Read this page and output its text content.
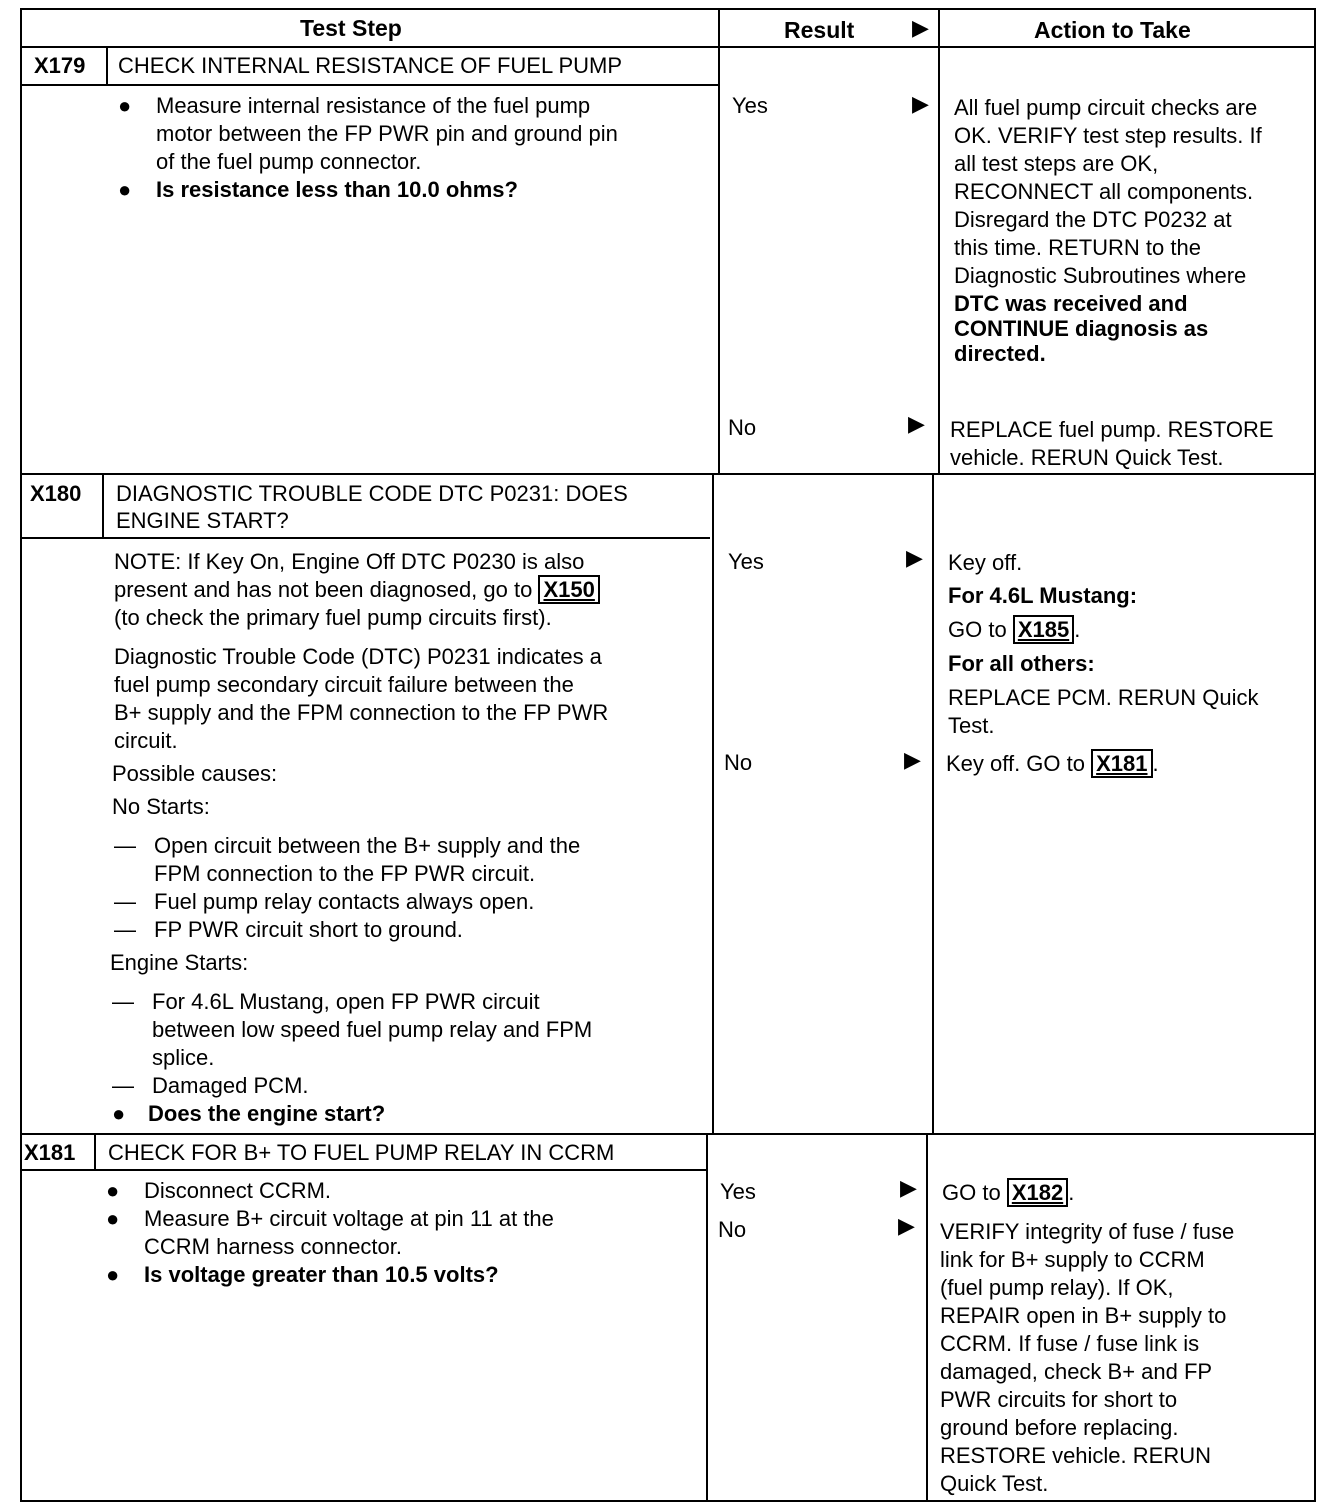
Test Step	Result	▶	Action to Take
X179 CHECK INTERNAL RESISTANCE OF FUEL PUMP
● Measure internal resistance of the fuel pump
motor between the FP PWR pin and ground pin
of the fuel pump connector.
● Is resistance less than 10.0 ohms?
Yes	▶ All fuel pump circuit checks are
OK. VERIFY test step results. If
all test steps are OK,
RECONNECT all components.
Disregard the DTC P0232 at
this time. RETURN to the
Diagnostic Subroutines where
DTC was received and
CONTINUE diagnosis as
directed.
No	▶ REPLACE fuel pump. RESTORE
vehicle. RERUN Quick Test.
X180 DIAGNOSTIC TROUBLE CODE DTC P0231: DOES
ENGINE START?
NOTE: If Key On, Engine Off DTC P0230 is also
present and has not been diagnosed, go to X150
(to check the primary fuel pump circuits first).
Diagnostic Trouble Code (DTC) P0231 indicates a
fuel pump secondary circuit failure between the
B+ supply and the FPM connection to the FP PWR
circuit.
Possible causes:
No Starts:
— Open circuit between the B+ supply and the
FPM connection to the FP PWR circuit.
— Fuel pump relay contacts always open.
— FP PWR circuit short to ground.
Engine Starts:
— For 4.6L Mustang, open FP PWR circuit
between low speed fuel pump relay and FPM
splice.
— Damaged PCM.
● Does the engine start?
Yes	▶ Key off.
For 4.6L Mustang:
GO to X185 .
For all others:
REPLACE PCM. RERUN Quick
Test.
No	▶ Key off. GO to X181 .
X181 CHECK FOR B+ TO FUEL PUMP RELAY IN CCRM
● Disconnect CCRM.
● Measure B+ circuit voltage at pin 11 at the
CCRM harness connector.
● Is voltage greater than 10.5 volts?
Yes	▶ GO to X182 .
No	▶ VERIFY integrity of fuse / fuse
link for B+ supply to CCRM
(fuel pump relay). If OK,
REPAIR open in B+ supply to
CCRM. If fuse / fuse link is
damaged, check B+ and FP
PWR circuits for short to
ground before replacing.
RESTORE vehicle. RERUN
Quick Test.
